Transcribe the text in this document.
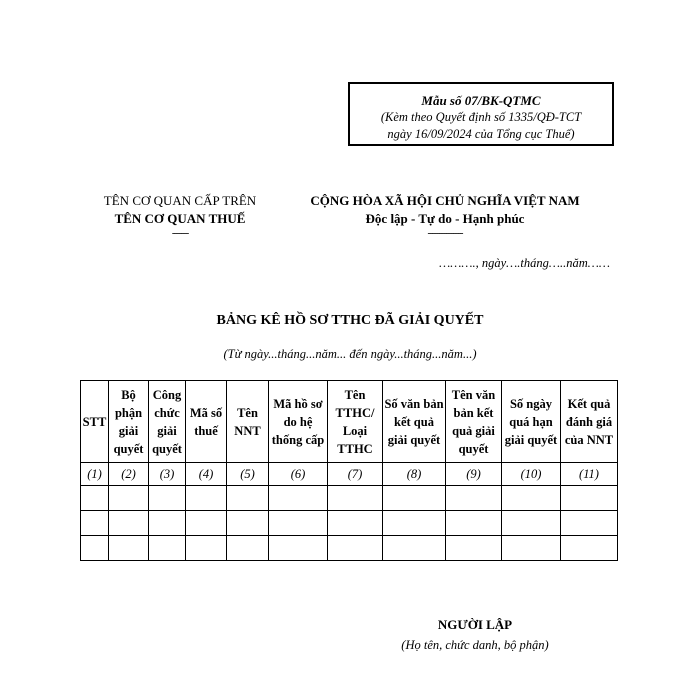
Mẫu số 07/BK-QTMC
(Kèm theo Quyết định số 1335/QĐ-TCT
ngày 16/09/2024 của Tổng cục Thuế)
TÊN CƠ QUAN CẤP TRÊN
TÊN CƠ QUAN THUẾ
-------
CỘNG HÒA XÃ HỘI CHỦ NGHĨA VIỆT NAM
Độc lập - Tự do - Hạnh phúc
---------------
………., ngày….tháng…..năm……
BẢNG KÊ HỒ SƠ TTHC ĐÃ GIẢI QUYẾT
(Từ ngày...tháng...năm... đến ngày...tháng...năm...)
STT	Bộ phận giải quyết	Công chức giải quyết	Mã số thuế	Tên NNT	Mã hồ sơ do hệ thống cấp	Tên TTHC/ Loại TTHC	Số văn bản kết quả giải quyết	Tên văn bản kết quả giải quyết	Số ngày quá hạn giải quyết	Kết quả đánh giá của NNT
(1)	(2)	(3)	(4)	(5)	(6)	(7)	(8)	(9)	(10)	(11)

NGƯỜI LẬP
(Họ tên, chức danh, bộ phận)
